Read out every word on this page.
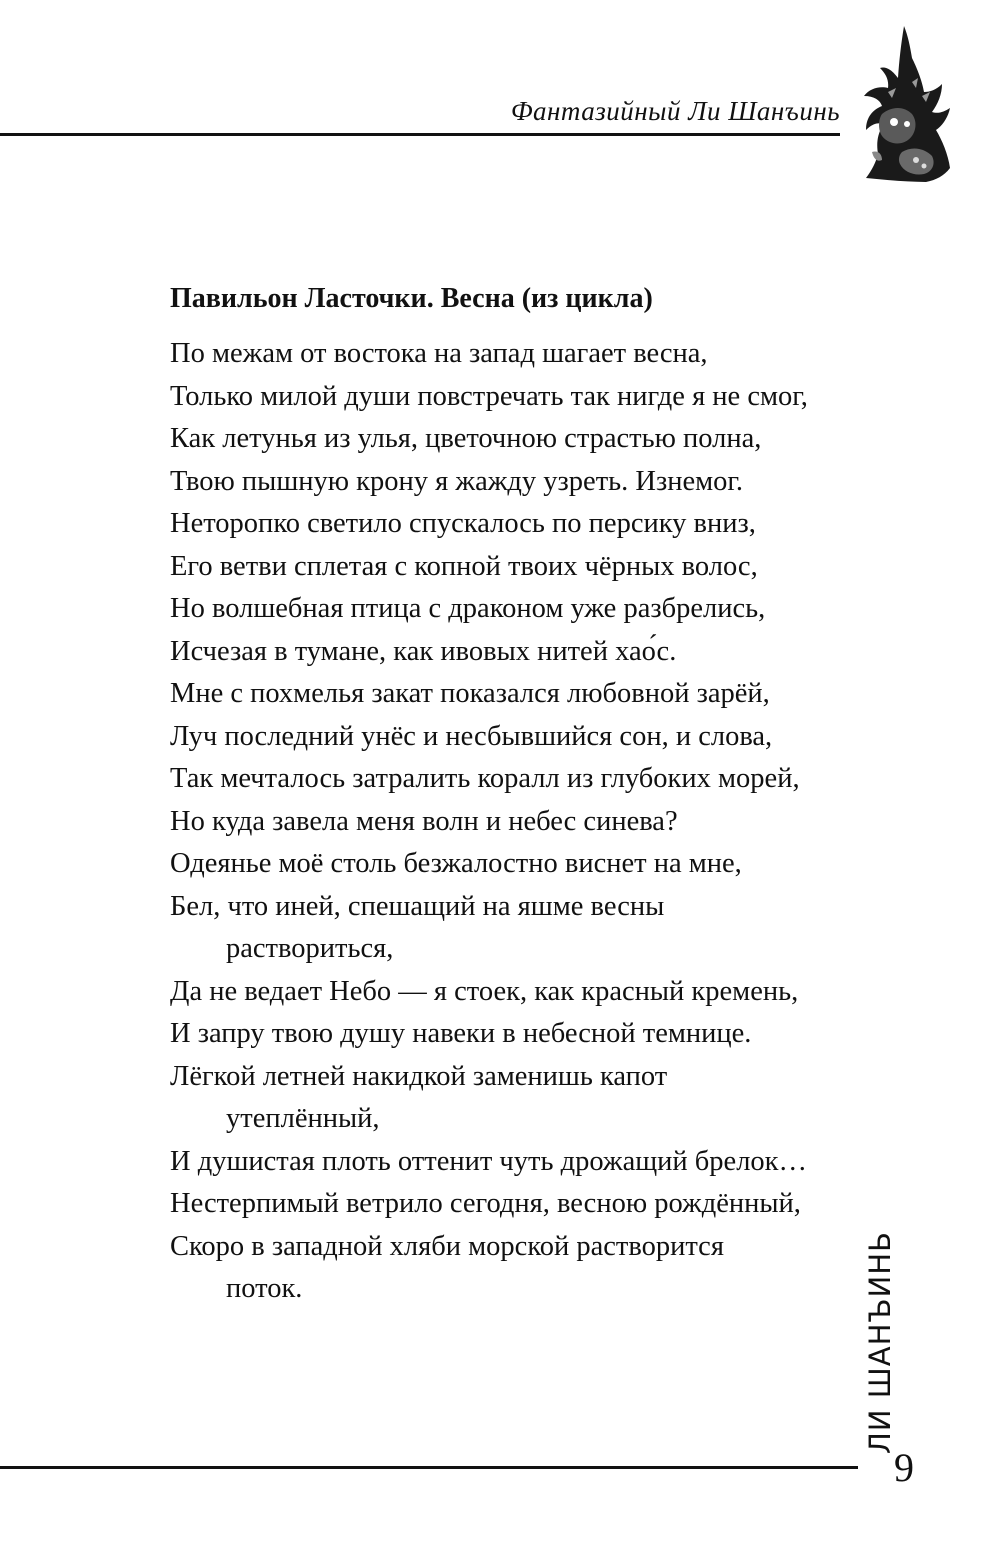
Фантазийный Ли Шанъинь
Павильон Ласточки. Весна (из цикла)
По межам от востока на запад шагает весна,
Только милой души повстречать так нигде я не смог,
Как летунья из улья, цветочною страстью полна,
Твою пышную крону я жажду узреть. Изнемог.
Неторопко светило спускалось по персику вниз,
Его ветви сплетая с копной твоих чёрных волос,
Но волшебная птица с драконом уже разбрелись,
Исчезая в тумане, как ивовых нитей хао́с.
Мне с похмелья закат показался любовной зарёй,
Луч последний унёс и несбывшийся сон, и слова,
Так мечталось затралить коралл из глубоких морей,
Но куда завела меня волн и небес синева?
Одеянье моё столь безжалостно виснет на мне,
Бел, что иней, спешащий на яшме весны
раствориться,
Да не ведает Небо — я стоек, как красный кремень,
И запру твою душу навеки в небесной темнице.
Лёгкой летней накидкой заменишь капот
утеплённый,
И душистая плоть оттенит чуть дрожащий брелок…
Нестерпимый ветрило сегодня, весною рождённый,
Скоро в западной хляби морской растворится
поток.	ЛИ ШАНЪИНЬ
9
